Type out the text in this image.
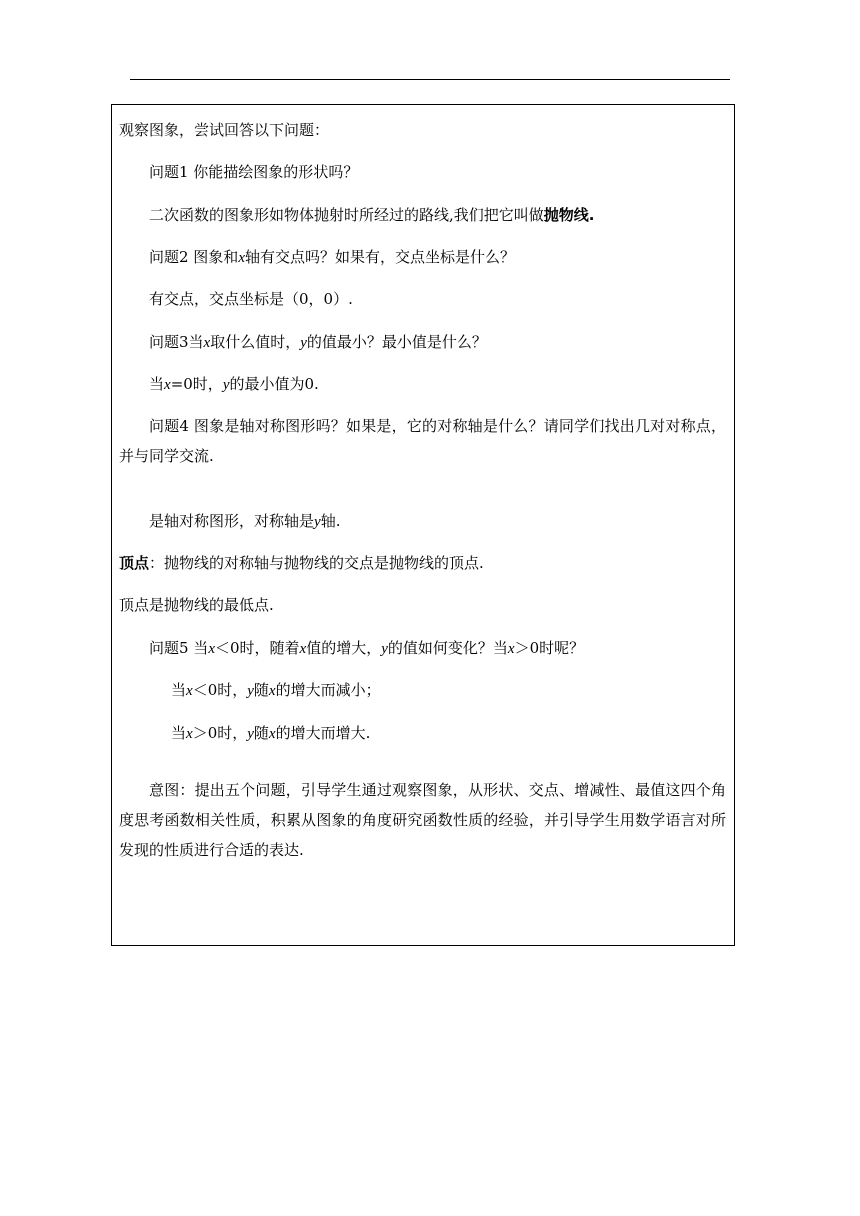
观察图象，尝试回答以下问题：

问题1 你能描绘图象的形状吗？

二次函数的图象形如物体抛射时所经过的路线,我们把它叫做抛物线.

问题2 图象和x轴有交点吗？如果有，交点坐标是什么？

有交点，交点坐标是（0，0）.

问题3当x取什么值时，y的值最小？最小值是什么？

当x=0时，y的最小值为0.

问题4 图象是轴对称图形吗？如果是，它的对称轴是什么？请同学们找出几对对称点，并与同学交流.

是轴对称图形，对称轴是y轴.

顶点：抛物线的对称轴与抛物线的交点是抛物线的顶点.

顶点是抛物线的最低点.

问题5 当x＜0时，随着x值的增大，y的值如何变化？当x＞0时呢？

当x＜0时，y随x的增大而减小；

当x＞0时，y随x的增大而增大.

意图：提出五个问题，引导学生通过观察图象，从形状、交点、增减性、最值这四个角度思考函数相关性质，积累从图象的角度研究函数性质的经验，并引导学生用数学语言对所发现的性质进行合适的表达.
